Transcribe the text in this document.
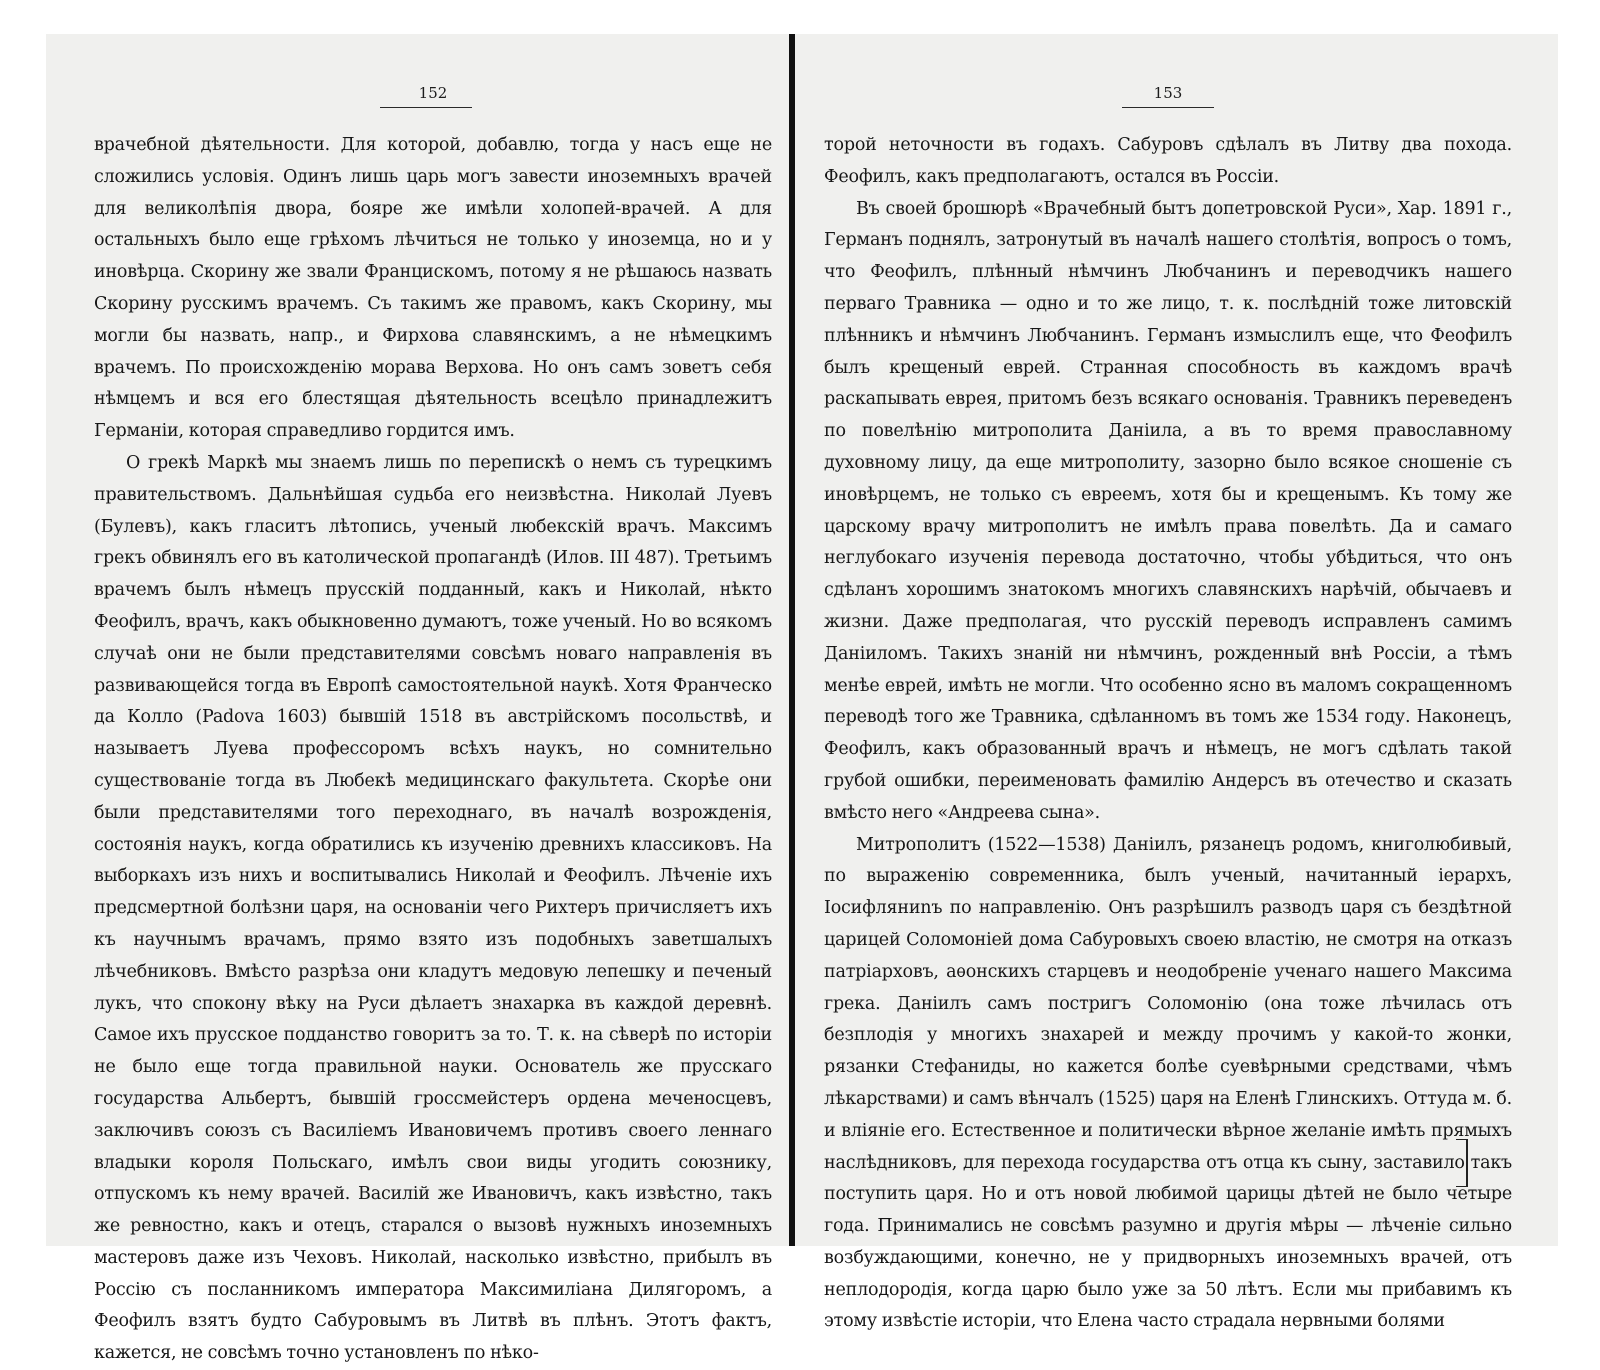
152

врачебной дѣятельности. Для которой, добавлю, тогда у насъ еще не сложились условія. Одинъ лишь царь могъ завести иноземныхъ врачей для великолѣпія двора, бояре же имѣли холопей-врачей. А для остальныхъ было еще грѣхомъ лѣчиться не только у иноземца, но и у иновѣрца. Скорину же звали Францискомъ, потому я не рѣшаюсь назвать Скорину русскимъ врачемъ. Съ такимъ же правомъ, какъ Скорину, мы могли бы назвать, напр., и Фирхова славянскимъ, а не нѣмецкимъ врачемъ. По происхожденію морава Верхова. Но онъ самъ зоветъ себя нѣмцемъ и вся его блестящая дѣятельность всецѣло принадлежитъ Германіи, которая справедливо гордится имъ.

О грекѣ Маркѣ мы знаемъ лишь по перепискѣ о немъ съ турецкимъ правительствомъ. Дальнѣйшая судьба его неизвѣстна. Николай Луевъ (Булевъ), какъ гласитъ лѣтопись, ученый любекскій врачъ. Максимъ грекъ обвинялъ его въ католической пропагандѣ (Илов. III 487). Третьимъ врачемъ былъ нѣмецъ прусскій подданный, какъ и Николай, нѣкто Феофилъ, врачъ, какъ обыкновенно думаютъ, тоже ученый. Но во всякомъ случаѣ они не были представителями совсѣмъ новаго направленія въ развивающейся тогда въ Европѣ самостоятельной наукѣ. Хотя Франческо да Колло (Padova 1603) бывшій 1518 въ австрійскомъ посольствѣ, и называетъ Луева профессоромъ всѣхъ наукъ, но сомнительно существованіе тогда въ Любекѣ медицинскаго факультета. Скорѣе они были представителями того переходнаго, въ началѣ возрожденія, состоянія наукъ, когда обратились къ изученію древнихъ классиковъ. На выборкахъ изъ нихъ и воспитывались Николай и Феофилъ. Лѣченіе ихъ предсмертной болѣзни царя, на основаніи чего Рихтеръ причисляетъ ихъ къ научнымъ врачамъ, прямо взято изъ подобныхъ заветшалыхъ лѣчебниковъ. Вмѣсто разрѣза они кладутъ медовую лепешку и печеный лукъ, что спокону вѣку на Руси дѣлаетъ знахарка въ каждой деревнѣ. Самое ихъ прусское подданство говоритъ за то. Т. к. на сѣверѣ по исторіи не было еще тогда правильной науки. Основатель же прусскаго государства Альбертъ, бывшій гроссмейстеръ ордена меченосцевъ, заключивъ союзъ съ Василіемъ Ивановичемъ противъ своего леннаго владыки короля Польскаго, имѣлъ свои виды угодить союзнику, отпускомъ къ нему врачей. Василій же Ивановичъ, какъ извѣстно, такъ же ревностно, какъ и отецъ, старался о вызовѣ нужныхъ иноземныхъ мастеровъ даже изъ Чеховъ. Николай, насколько извѣстно, прибылъ въ Россію съ посланникомъ императора Максимиліана Дилягоромъ, а Феофилъ взятъ будто Сабуровымъ въ Литвѣ въ плѣнъ. Этотъ фактъ, кажется, не совсѣмъ точно установленъ по нѣко-

153

торой неточности въ годахъ. Сабуровъ сдѣлалъ въ Литву два похода. Феофилъ, какъ предполагаютъ, остался въ Россіи.

Въ своей брошюрѣ «Врачебный бытъ допетровской Руси», Хар. 1891 г., Германъ поднялъ, затронутый въ началѣ нашего столѣтія, вопросъ о томъ, что Феофилъ, плѣнный нѣмчинъ Любчанинъ и переводчикъ нашего перваго Травника — одно и то же лицо, т. к. послѣдній тоже литовскій плѣнникъ и нѣмчинъ Любчанинъ. Германъ измыслилъ еще, что Феофилъ былъ крещеный еврей. Странная способность въ каждомъ врачѣ раскапывать еврея, притомъ безъ всякаго основанія. Травникъ переведенъ по повелѣнію митрополита Даніила, а въ то время православному духовному лицу, да еще митрополиту, зазорно было всякое сношеніе съ иновѣрцемъ, не только съ евреемъ, хотя бы и крещенымъ. Къ тому же царскому врачу митрополитъ не имѣлъ права повелѣть. Да и самаго неглубокаго изученія перевода достаточно, чтобы убѣдиться, что онъ сдѣланъ хорошимъ знатокомъ многихъ славянскихъ нарѣчій, обычаевъ и жизни. Даже предполагая, что русскій переводъ исправленъ самимъ Даніиломъ. Такихъ знаній ни нѣмчинъ, рожденный внѣ Россіи, а тѣмъ менѣе еврей, имѣть не могли. Что особенно ясно въ маломъ сокращенномъ переводѣ того же Травника, сдѣланномъ въ томъ же 1534 году. Наконецъ, Феофилъ, какъ образованный врачъ и нѣмецъ, не могъ сдѣлать такой грубой ошибки, переименовать фамилію Андерсъ въ отечество и сказать вмѣсто него «Андреева сына».

Митрополитъ (1522—1538) Даніилъ, рязанецъ родомъ, книголюбивый, по выраженію современника, былъ ученый, начитанный іерархъ, Іосифляниnъ по направленію. Онъ разрѣшилъ разводъ царя съ бездѣтной царицей Соломоніей дома Сабуровыхъ своею властію, не смотря на отказъ патріарховъ, аѳонскихъ старцевъ и неодобреніе ученаго нашего Максима грека. Даніилъ самъ постригъ Соломонію (она тоже лѣчилась отъ безплодія у многихъ знахарей и между прочимъ у какой-то жонки, рязанки Стефаниды, но кажется болѣе суевѣрными средствами, чѣмъ лѣкарствами) и самъ вѣнчалъ (1525) царя на Еленѣ Глинскихъ. Оттуда м. б. и вліяніе его. Естественное и политически вѣрное желаніе имѣть прямыхъ наслѣдниковъ, для перехода государства отъ отца къ сыну, заставило такъ поступить царя. Но и отъ новой любимой царицы дѣтей не было четыре года. Принимались не совсѣмъ разумно и другія мѣры — лѣченіе сильно возбуждающими, конечно, не у придворныхъ иноземныхъ врачей, отъ неплодородія, когда царю было уже за 50 лѣтъ. Если мы прибавимъ къ этому извѣстіе исторіи, что Елена часто страдала нервными болями
